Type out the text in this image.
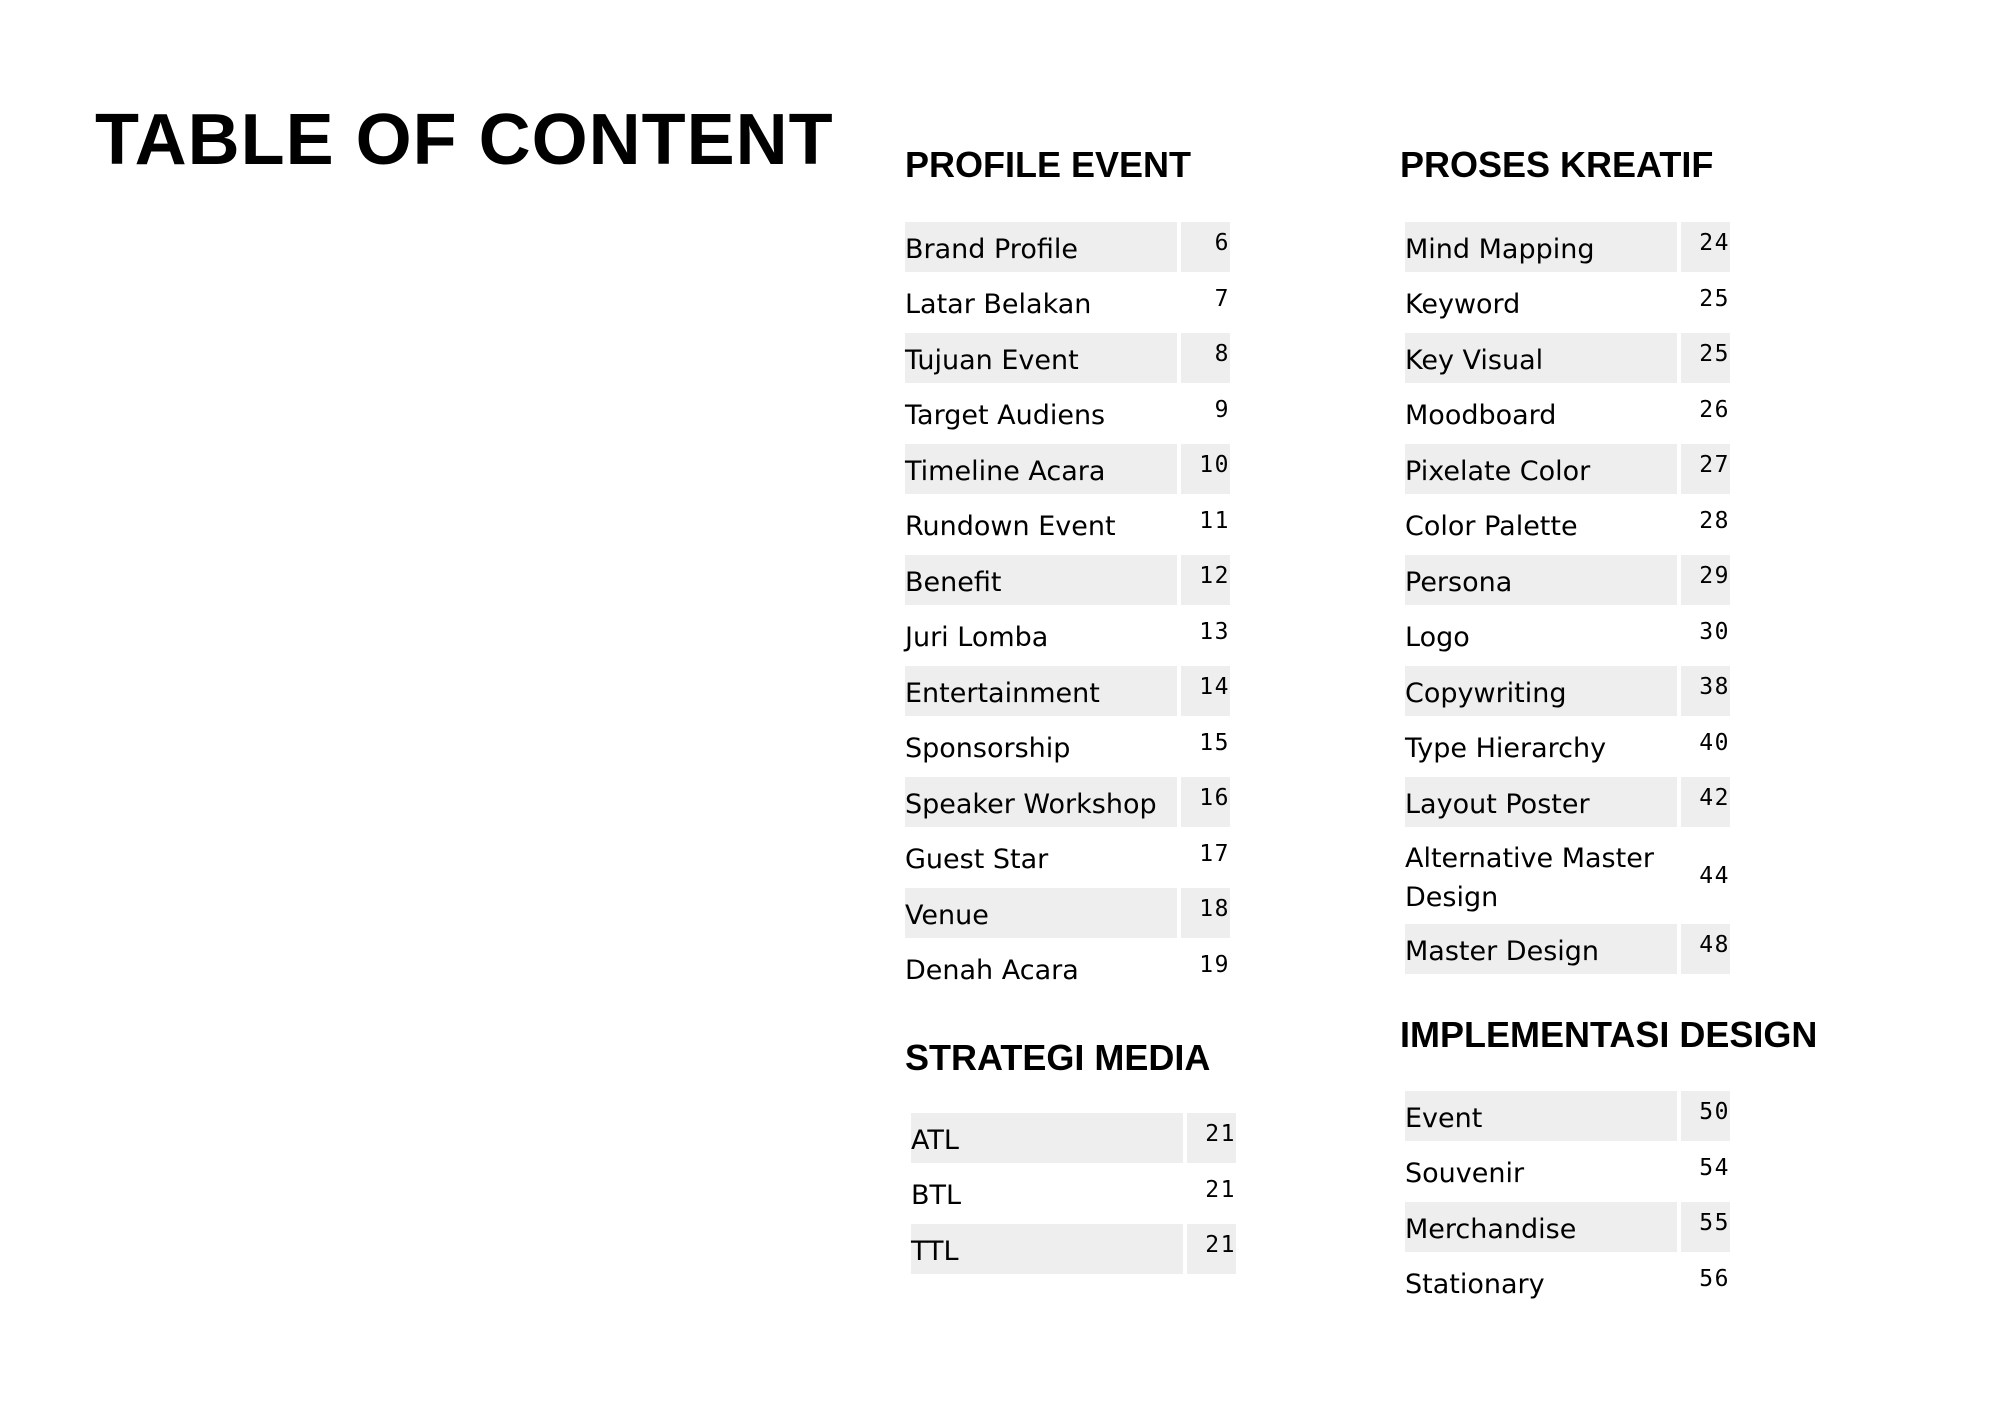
TABLE OF CONTENT PROFILE EVENT
Brand Profile	6
Latar Belakan	7
Tujuan Event	8
Target Audiens	9
Timeline Acara	10
Rundown Event	11
Benefit	12
Juri Lomba	13
Entertainment	14
Sponsorship	15
Speaker Workshop	16
Guest Star	17
Venue	18
Denah Acara	19
STRATEGI MEDIA
ATL	21
BTL	21
TTL	21
PROSES KREATIF
Mind Mapping	24
Keyword	25
Key Visual	25
Moodboard	26
Pixelate Color	27
Color Palette	28
Persona	29
Logo	30
Copywriting	38
Type Hierarchy	40
Layout Poster	42
Alternative Master Design
44
Master Design	48
IMPLEMENTASI DESIGN
Event	50
Souvenir	54
Merchandise	55
Stationary	56
